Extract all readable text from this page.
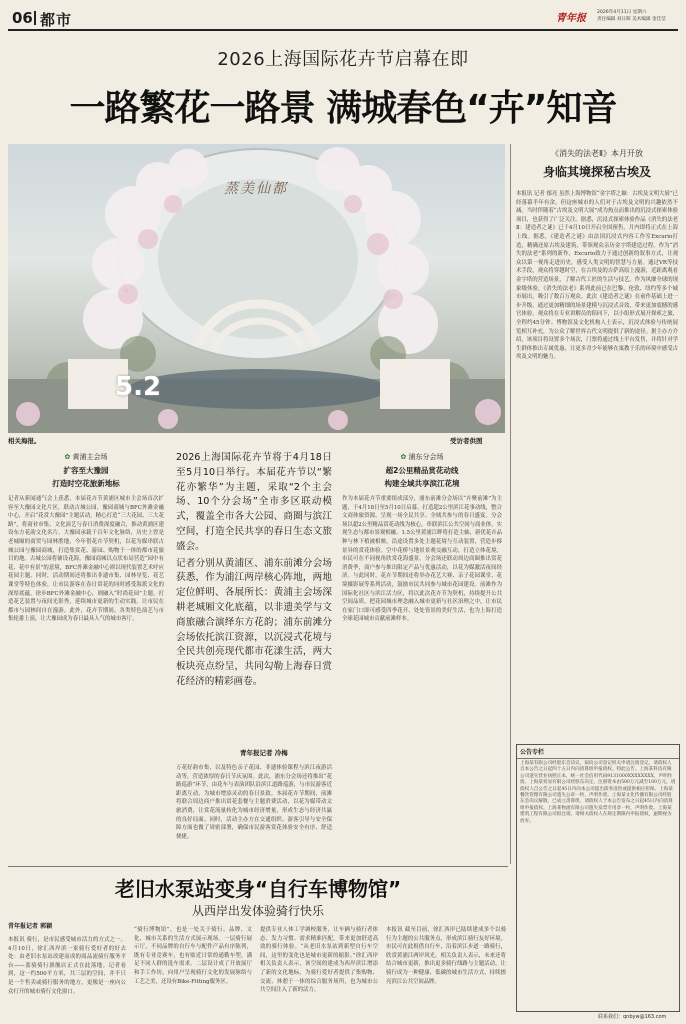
06 都市	青年报
2026年4月11日 星期六
责任编辑 刘日晖 美术编辑 金佳莹
2026上海国际花卉节启幕在即
一路繁花一路景 满城春色“卉”知音
蒸美仙都
5.2
相关海报。	受访者供图
✿ 黄浦主会场
扩容至大豫园
打造时空花旅新地标
记者从新闻通气会上获悉，本届花卉节黄浦区城市主会场首次扩容至大豫园文化片区，联动古城公园、豫园商城与BFC外滩金融中心，开启“花赏大豫园”主题活动，精心打造“三大花园、三大花路”，将商业市集、文化演艺与春日消费深度融合，推动黄浦区建设东方花韵文化名片。大豫园承载千百年文化脉络，历史上曾是老城厢的商贸与园林胜地，今年借花卉节契机，以花为媒串联古城公园与豫园商城，打造集赏花、游园、购物于一体的都市花旅目的地。古城公园将铺设花海，豫园商城以点状布局营造“园中有花、花中有景”的意境，BFC外滩金融中心则以现代装置艺术呼应花园主题。同时，活动期间还将推出非遗市集、园林导览、花艺课堂等特色体验，让市民游客在春日赏花的同时感受海派文化的深厚底蕴。徐步BFC外滩金融中心，则融入“时尚花园”主题，打造花艺装置与夜间光影秀，延续城市更新的生动实践，让市民在都市与园林间自在漫游。此外，花卉节期间，各类特色演艺与市集轮番上演，让大豫园成为春日最具人气的城市客厅。
2026上海国际花卉节将于4月18日至5月10日举行。本届花卉节以“繁花亦繁华”为主题，采取“2个主会场、10个分会场”全市多区联动模式，覆盖全市各大公园、商圈与滨江空间，打造全民共享的春日生态文旅盛会。
记者分别从黄浦区、浦东前滩分会场获悉，作为浦江两岸核心阵地，两地定位鲜明、各展所长：黄浦主会场深耕老城厢文化底蕴，以非遗美学与文商旅融合演绎东方花韵；浦东前滩分会场依托滨江资源，以沉浸式花境与全民共创亮现代都市花漾生活，两大板块亮点纷呈，共同勾勒上海春日赏花经济的精彩画卷。
青年报记者 冷梅
✿ 浦东分会场
超2公里精品赏花动线
构建全域共享滨江花境
作为本届花卉节重要组成部分，浦东前滩分会场以“卉聚前滩”为主题，于4月18日至5月10日启幕，打造超2公里滨江花事动线，整合文商体旅资源，呈现一场全民共享、全域共参与的春日盛宴。分会场以超2公里精品赏花动线为核心，串联滨江公共空间与商业体，实现生态与都市景观相融。1.5公里黄浦江畔将打造主轴，新优花卉品种与林下植被相映，沿途设置多处主题花境与互动装置，营造步移景异的赏花体验。空中花桥与地景景观交融互动，打造立体花境，市民可在不同视角欣赏花海盛景。分会场还联动周边商圈推出赏花消费季，商户参与推出限定产品与优惠活动，以花为媒激活夜间经济。与此同时，花卉节期间还将举办花艺大赛、亲子花园课堂、花境摄影展等系列活动，鼓励市民共同参与城市花园建设。前滩作为国际化社区与滨江活力区，将以此次花卉节为契机，持续提升公共空间品质，把花园城市理念融入城市更新与社区治理之中，让市民在家门口即可感受四季花开、处处皆景的美好生活，也为上海打造全球花园城市贡献前滩样本。
万花好韵市集，以及特色亲子花园、非遗体验课程与滨江夜游活动等，营造浓厚的春日节庆氛围。此次，浦东分会场还将推出“花路巡游”环节，由花车与表演团队沿滨江道路巡游，与市民游客近距离互动，为城市增添灵动的春日景致。本届花卉节期间，前滩将联合周边商户推出赏花套餐与主题消费活动，以花为媒带动文旅消费，让赏花流量转化为城市经济增量，形成生态与经济共赢的良好局面。同时，活动主办方在交通组织、游客引导与安全保障方面也做了周密部署，确保市民游客赏花体验安全有序、舒适便捷。
《消失的法老Ⅱ》本月开放
身临其境探秘古埃及
本报讯 记者 郁亮 虽然上海博物馆“金字塔之巅：古埃及文明大展”已经落幕半年有余，但这座城市的人们对于古埃及文明的兴趣依然不减。当时伴随着“古埃及文明大展”成为热点而推出的沉浸式探索体验项目，也获得了广泛关注。据悉，沉浸式探索体验作品《消失的法老Ⅱ：建造者之谜》已于4月10日开启全国预售，月内即将正式在上海上线。据悉，《建造者之谜》由法国沉浸式内容工作室Excurio打造，精确还原古埃及建筑，带领观众亲历金字塔建造过程。作为“消失的法老”系列的新作，Excurio致力于通过创新的叙事方式，让观众以第一视角走进历史，感受人类文明的智慧与力量。通过VR等技术手段，观众将穿越时空，在古埃及的吉萨高原上漫游，近距离观看金字塔的营造场景，了解古代工匠的生活与技艺。作为风靡全球的现象级体验，《消失的法老》系列此前已在巴黎、伦敦、纽约等多个城市展出，吸引了数百万观众。此次《建造者之谜》在前作基础上进一步升级，通过更加精细的场景建模与沉浸式音效，带来更加震撼的感官体验。观众将在专业讲解员的陪同下，以小组形式展开探索之旅，全程约45分钟。博物馆及文化机构人士表示，沉浸式体验与传统展览相互补充，为公众了解世界古代文明提供了新的途径。据主办方介绍，该项目将设置多个场次，门票将通过线上平台发售，并将针对学生群体推出专属优惠，让更多青少年能够在寓教于乐的环境中感受古埃及文明的魅力。
公告专栏
上海某有限公司经股东会决议，拟向公司登记机关申请注销登记，请债权人自本公告之日起四十五日内向清算组申报债权。特此公告。上海某科技有限公司遗失营业执照正本，统一社会信用代码9131000XXXXXXXX，声明作废。上海某贸易有限公司经股东决定，注册资本由500万元减至100万元，请债权人自公告之日起45日内向本公司提出债务清偿或提供相应担保。上海某餐饮管理有限公司遗失公章一枚，声明作废。上海某文化传播有限公司经股东会决议解散，已成立清算组，请债权人于本公告发布之日起45日内向清算组申报债权。上海某物流有限公司遗失发票专用章一枚，声明作废。上海某建筑工程有限公司拟注销，请相关债权人在规定期限内申报债权，逾期视为放弃。
联系我们：qnbyw@163.com
老旧水泵站变身“自行车博物馆”
从西岸出发体验骑行快乐
青年报记者 郭颖
本报讯 骑行，是市民感受城市活力的方式之一。4月10日，徐汇西岸滨一家骑行爱好者的好去处：由老旧水泵站改建而成的商品流骑行服务平台——蓝骑骑行旗舰店正式在此落地。记者看到，这一约500平方米，共三层的空间，并不只是一个售卖或骑行服务的地方，更像是一座向公众打开的城市骑行文化窗口。
“骑行博物馆”，也是一处关于骑行、品牌、文化、城市关系的生活方式展示现场。一层骑行展示厅，不同品牌的自行车与配件产品有序陈列，既有专业竞赛车，也有贴近日常的通勤车型，满足不同人群的选车需求。二层设计成了开放展厅和手工作坊，向用户呈现骑行文化的发展脉络与工艺之美，还设有Bike-Fitting服务区。
提供专业人体工学调校服务，让车辆与骑行者体态、发力习惯、需求精准匹配，带来更加舒适高效的骑行体验。“从老旧水泵站到新型自行车空间，这里的变化也是城市更新的缩影。”徐汇西岸相关负责人表示，该空间的建成为西岸滨江增添了新的文化地标，为骑行爱好者提供了集购物、交流、休憩于一体的综合服务场所，也为城市公共空间注入了新的活力。
本报讯 截至目前，徐汇西岸已陆续建成多个以骑行为主题的公共服务点，形成滨江骑行友好环境。市民可在此租借自行车，沿着滨江步道一路骑行，欣赏黄浦江两岸风光。相关负责人表示，未来还将结合城市更新，推出更多骑行线路与主题活动，让骑行成为一种健康、低碳的城市生活方式，持续擦亮滨江公共空间品牌。
